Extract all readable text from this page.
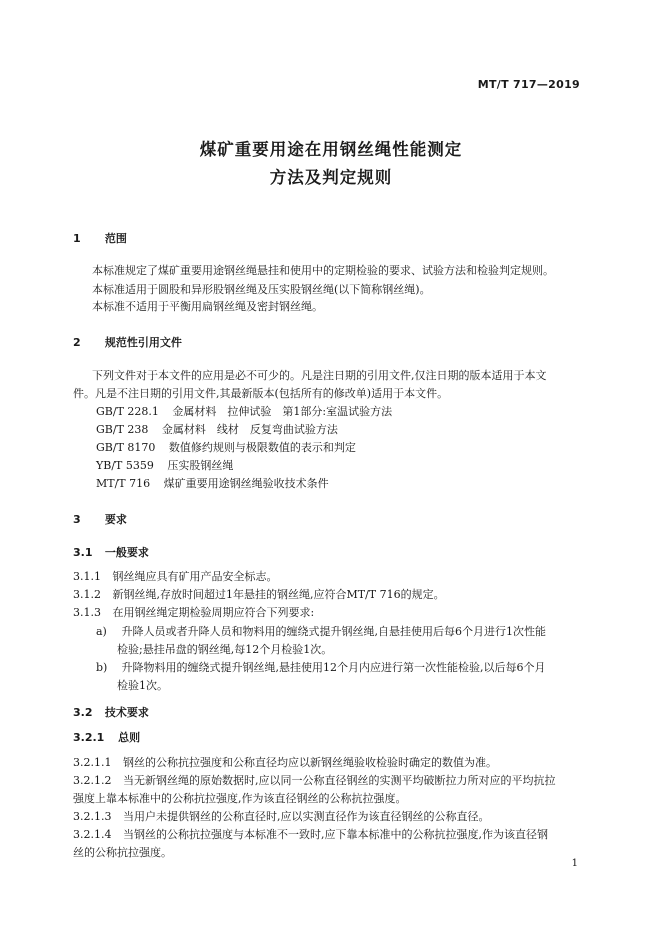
MT/T 717—2019
煤矿重要用途在用钢丝绳性能测定
方法及判定规则
1 范围
本标准规定了煤矿重要用途钢丝绳悬挂和使用中的定期检验的要求、试验方法和检验判定规则。
本标准适用于圆股和异形股钢丝绳及压实股钢丝绳(以下简称钢丝绳)。
本标准不适用于平衡用扁钢丝绳及密封钢丝绳。
2 规范性引用文件
下列文件对于本文件的应用是必不可少的。凡是注日期的引用文件,仅注日期的版本适用于本文
件。凡是不注日期的引用文件,其最新版本(包括所有的修改单)适用于本文件。
GB/T 228.1 金属材料　拉伸试验　第1部分:室温试验方法
GB/T 238 金属材料　线材　反复弯曲试验方法
GB/T 8170 数值修约规则与极限数值的表示和判定
YB/T 5359 压实股钢丝绳
MT/T 716 煤矿重要用途钢丝绳验收技术条件
3 要求
3.1 一般要求
3.1.1 钢丝绳应具有矿用产品安全标志。
3.1.2 新钢丝绳,存放时间超过1年悬挂的钢丝绳,应符合MT/T 716的规定。
3.1.3 在用钢丝绳定期检验周期应符合下列要求:
a) 升降人员或者升降人员和物料用的缠绕式提升钢丝绳,自悬挂使用后每6个月进行1次性能
检验;悬挂吊盘的钢丝绳,每12个月检验1次。
b) 升降物料用的缠绕式提升钢丝绳,悬挂使用12个月内应进行第一次性能检验,以后每6个月
检验1次。
3.2 技术要求
3.2.1 总则
3.2.1.1 钢丝的公称抗拉强度和公称直径均应以新钢丝绳验收检验时确定的数值为准。
3.2.1.2 当无新钢丝绳的原始数据时,应以同一公称直径钢丝的实测平均破断拉力所对应的平均抗拉
强度上靠本标准中的公称抗拉强度,作为该直径钢丝的公称抗拉强度。
3.2.1.3 当用户未提供钢丝的公称直径时,应以实测直径作为该直径钢丝的公称直径。
3.2.1.4 当钢丝的公称抗拉强度与本标准不一致时,应下靠本标准中的公称抗拉强度,作为该直径钢
丝的公称抗拉强度。
1
